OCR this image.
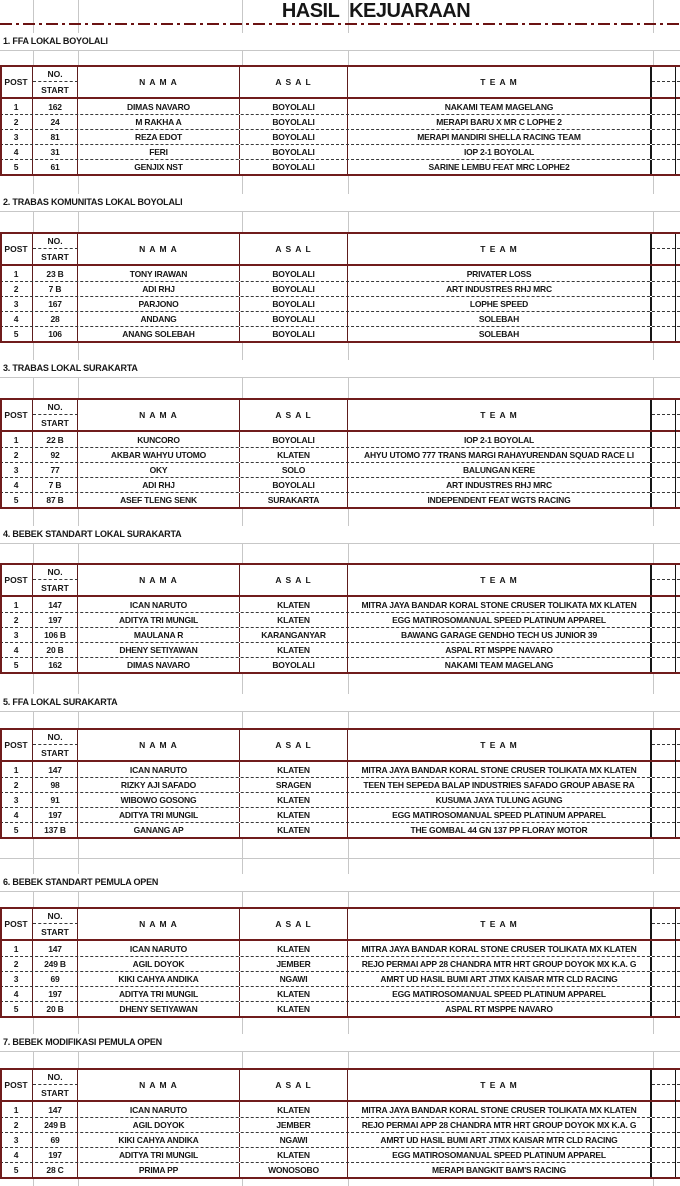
HASIL  KEJUARAAN
1. FFA LOKAL BOYOLALI
POST
NO.
START
N A M A	A S A L	T E A M
1	162	DIMAS NAVARO	BOYOLALI	NAKAMI TEAM MAGELANG
2	24	M RAKHA A	BOYOLALI	MERAPI BARU X MR C LOPHE 2
3	81	REZA EDOT	BOYOLALI	MERAPI MANDIRI SHELLA RACING TEAM
4	31	FERI	BOYOLALI	IOP 2-1 BOYOLAL
5	61	GENJIX NST	BOYOLALI	SARINE LEMBU FEAT MRC LOPHE2
2. TRABAS KOMUNITAS LOKAL BOYOLALI
POST
NO.
START
N A M A	A S A L	T E A M
1	23 B	TONY IRAWAN	BOYOLALI	PRIVATER LOSS
2	7 B	ADI RHJ	BOYOLALI	ART INDUSTRES RHJ MRC
3	167	PARJONO	BOYOLALI	LOPHE SPEED
4	28	ANDANG	BOYOLALI	SOLEBAH
5	106	ANANG SOLEBAH	BOYOLALI	SOLEBAH
3. TRABAS LOKAL SURAKARTA
POST
NO.
START
N A M A	A S A L	T E A M
1	22 B	KUNCORO	BOYOLALI	IOP 2-1 BOYOLAL
2	92	AKBAR WAHYU UTOMO	KLATEN	AHYU UTOMO 777 TRANS MARGI RAHAYURENDAN SQUAD RACE LI
3	77	OKY	SOLO	BALUNGAN KERE
4	7 B	ADI RHJ	BOYOLALI	ART INDUSTRES RHJ MRC
5	87 B	ASEF TLENG SENK	SURAKARTA	INDEPENDENT FEAT WGTS RACING
4. BEBEK STANDART LOKAL SURAKARTA
POST
NO.
START
N A M A	A S A L	T E A M
1	147	ICAN NARUTO	KLATEN	MITRA JAYA BANDAR KORAL STONE CRUSER TOLIKATA MX KLATEN
2	197	ADITYA TRI MUNGIL	KLATEN	EGG MATIROSOMANUAL SPEED PLATINUM APPAREL
3	106 B	MAULANA R	KARANGANYAR	BAWANG GARAGE GENDHO TECH US JUNIOR 39
4	20 B	DHENY SETIYAWAN	KLATEN	ASPAL RT MSPPE NAVARO
5	162	DIMAS NAVARO	BOYOLALI	NAKAMI TEAM MAGELANG
5. FFA LOKAL SURAKARTA
POST
NO.
START
N A M A	A S A L	T E A M
1	147	ICAN NARUTO	KLATEN	MITRA JAYA BANDAR KORAL STONE CRUSER TOLIKATA MX KLATEN
2	98	RIZKY AJI SAFADO	SRAGEN	TEEN TEH SEPEDA BALAP INDUSTRIES SAFADO GROUP ABASE RA
3	91	WIBOWO GOSONG	KLATEN	KUSUMA JAYA TULUNG AGUNG
4	197	ADITYA TRI MUNGIL	KLATEN	EGG MATIROSOMANUAL SPEED PLATINUM APPAREL
5	137 B	GANANG AP	KLATEN	THE GOMBAL 44 GN 137 PP FLORAY MOTOR
6. BEBEK STANDART PEMULA OPEN
POST
NO.
START
N A M A	A S A L	T E A M
1	147	ICAN NARUTO	KLATEN	MITRA JAYA BANDAR KORAL STONE CRUSER TOLIKATA MX KLATEN
2	249 B	AGIL DOYOK	JEMBER	REJO PERMAI APP 28 CHANDRA MTR HRT GROUP DOYOK MX K.A. G
3	69	KIKI CAHYA ANDIKA	NGAWI	AMRT UD HASIL BUMI ART JTMX KAISAR MTR CLD RACING
4	197	ADITYA TRI MUNGIL	KLATEN	EGG MATIROSOMANUAL SPEED PLATINUM APPAREL
5	20 B	DHENY SETIYAWAN	KLATEN	ASPAL RT MSPPE NAVARO
7. BEBEK MODIFIKASI PEMULA OPEN
POST
NO.
START
N A M A	A S A L	T E A M
1	147	ICAN NARUTO	KLATEN	MITRA JAYA BANDAR KORAL STONE CRUSER TOLIKATA MX KLATEN
2	249 B	AGIL DOYOK	JEMBER	REJO PERMAI APP 28 CHANDRA MTR HRT GROUP DOYOK MX K.A. G
3	69	KIKI CAHYA ANDIKA	NGAWI	AMRT UD HASIL BUMI ART JTMX KAISAR MTR CLD RACING
4	197	ADITYA TRI MUNGIL	KLATEN	EGG MATIROSOMANUAL SPEED PLATINUM APPAREL
5	28 C	PRIMA PP	WONOSOBO	MERAPI BANGKIT BAM'S RACING
